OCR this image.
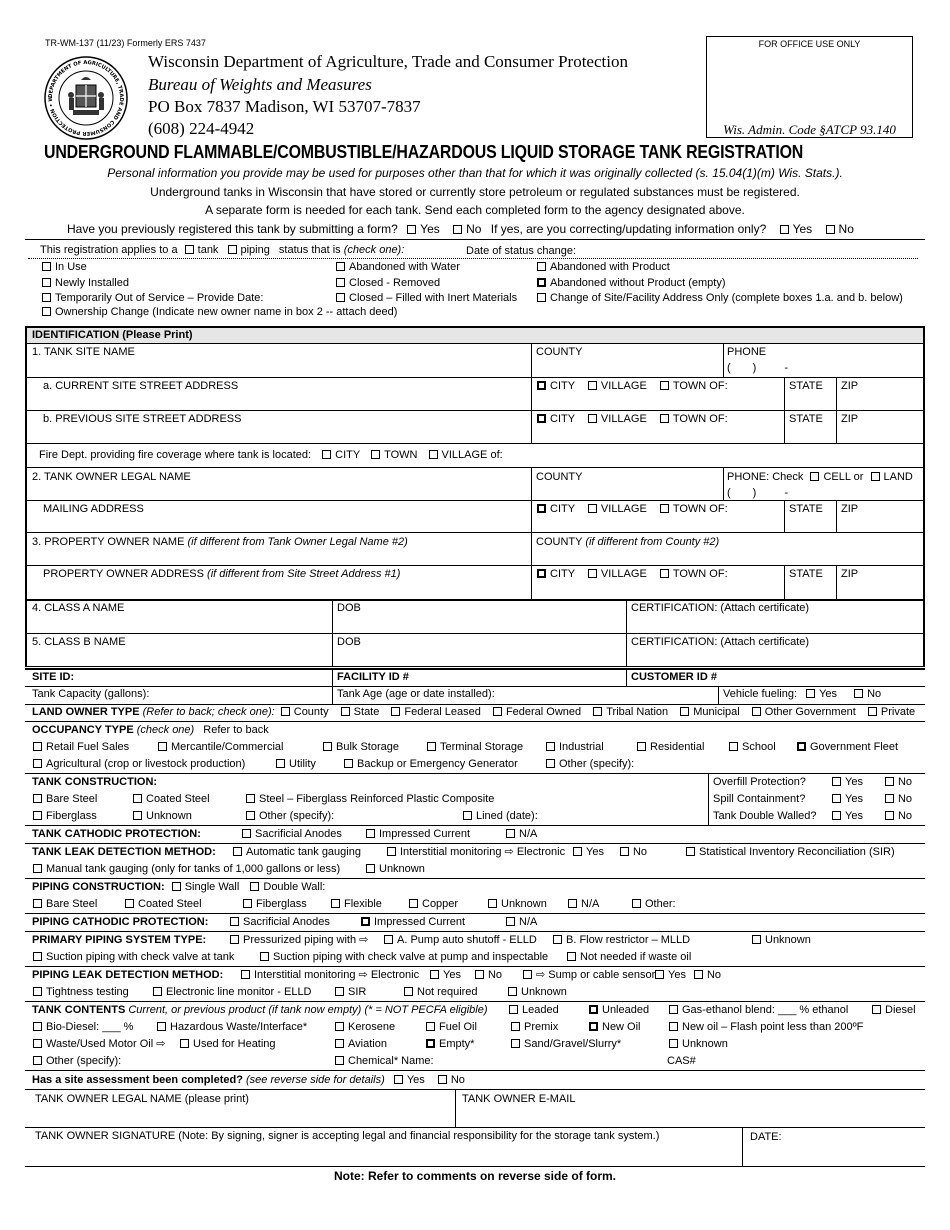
TR-WM-137 (11/23) Formerly ERS 7437
DEPARTMENT OF AGRICULTURE, TRADE AND CONSUMER PROTECTION • W
Wisconsin Department of Agriculture, Trade and Consumer Protection
Bureau of Weights and Measures
PO Box 7837 Madison, WI 53707-7837
(608) 224-4942
FOR OFFICE USE ONLY
Wis. Admin. Code §ATCP 93.140
UNDERGROUND FLAMMABLE/COMBUSTIBLE/HAZARDOUS LIQUID STORAGE TANK REGISTRATION
Personal information you provide may be used for purposes other than that for which it was originally collected (s. 15.04(1)(m) Wis. Stats.).
Underground tanks in Wisconsin that have stored or currently store petroleum or regulated substances must be registered.
A separate form is needed for each tank. Send each completed form to the agency designated above.
Have you previously registered this tank by submitting a form? Yes No If yes, are you correcting/updating information only? Yes No
This registration applies to a tank piping status that is (check one):	Date of status change:
In Use
Newly Installed
Temporarily Out of Service – Provide Date:
Ownership Change (Indicate new owner name in box 2 -- attach deed)
Abandoned with Water
Closed - Removed
Closed – Filled with Inert Materials
Abandoned with Product
Abandoned without Product (empty)
Change of Site/Facility Address Only (complete boxes 1.a. and b. below)
IDENTIFICATION (Please Print)
1. TANK SITE NAME	COUNTY	PHONE
( )	-
a. CURRENT SITE STREET ADDRESS	CITY VILLAGE TOWN OF:	STATE ZIP
b. PREVIOUS SITE STREET ADDRESS	CITY VILLAGE TOWN OF:	STATE ZIP
Fire Dept. providing fire coverage where tank is located: CITY TOWN VILLAGE of:
2. TANK OWNER LEGAL NAME	COUNTY	PHONE: Check CELL or LAND
( )	-
MAILING ADDRESS	CITY VILLAGE TOWN OF:	STATE ZIP
3. PROPERTY OWNER NAME (if different from Tank Owner Legal Name #2)	COUNTY (if different from County #2)
PROPERTY OWNER ADDRESS (if different from Site Street Address #1)	CITY VILLAGE TOWN OF:	STATE ZIP
4. CLASS A NAME	DOB	CERTIFICATION: (Attach certificate)
5. CLASS B NAME	DOB	CERTIFICATION: (Attach certificate)
SITE ID:	FACILITY ID #	CUSTOMER ID #
Tank Capacity (gallons):	Tank Age (age or date installed):	Vehicle fueling: Yes	No
LAND OWNER TYPE (Refer to back; check one): County State Federal Leased Federal Owned Tribal Nation Municipal Other Government Private
OCCUPANCY TYPE (check one) Refer to back
Retail Fuel Sales	Mercantile/Commercial	Bulk Storage	Terminal Storage	Industrial	Residential	School	Government Fleet
Agricultural (crop or livestock production)	Utility	Backup or Emergency Generator	Other (specify):
TANK CONSTRUCTION:
Bare Steel	Coated Steel	Steel – Fiberglass Reinforced Plastic Composite
Fiberglass	Unknown	Other (specify):	Lined (date):
Overfill Protection?
Spill Containment?
Tank Double Walled?
Yes	No
Yes	No
Yes	No
TANK CATHODIC PROTECTION:	Sacrificial Anodes	Impressed Current	N/A
TANK LEAK DETECTION METHOD:	Automatic tank gauging	Interstitial monitoring ⇨ Electronic	Yes	No	Statistical Inventory Reconciliation (SIR)
Manual tank gauging (only for tanks of 1,000 gallons or less)	Unknown
PIPING CONSTRUCTION: Single Wall Double Wall:
Bare Steel	Coated Steel	Fiberglass	Flexible	Copper	Unknown	N/A	Other:
PIPING CATHODIC PROTECTION:	Sacrificial Anodes	Impressed Current	N/A
PRIMARY PIPING SYSTEM TYPE:	Pressurized piping with ⇨	A. Pump auto shutoff - ELLD	B. Flow restrictor – MLLD	Unknown
Suction piping with check valve at tank	Suction piping with check valve at pump and inspectable	Not needed if waste oil
PIPING LEAK DETECTION METHOD:	Interstitial monitoring ⇨ Electronic	Yes No	⇨ Sump or cable sensor	Yes No
Tightness testing	Electronic line monitor - ELLD	SIR	Not required	Unknown
TANK CONTENTS Current, or previous product (if tank now empty) (* = NOT PECFA eligible)	Leaded	Unleaded	Gas-ethanol blend: ___ % ethanol	Diesel
Bio-Diesel: ___ %	Hazardous Waste/Interface*	Kerosene	Fuel Oil	Premix	New Oil	New oil – Flash point less than 200ºF
Waste/Used Motor Oil ⇨	Used for Heating	Aviation	Empty*	Sand/Gravel/Slurry*	Unknown
Other (specify):	Chemical* Name:	CAS#
Has a site assessment been completed? (see reverse side for details) Yes No
TANK OWNER LEGAL NAME (please print)	TANK OWNER E-MAIL
TANK OWNER SIGNATURE (Note: By signing, signer is accepting legal and financial responsibility for the storage tank system.)	DATE:
Note: Refer to comments on reverse side of form.
